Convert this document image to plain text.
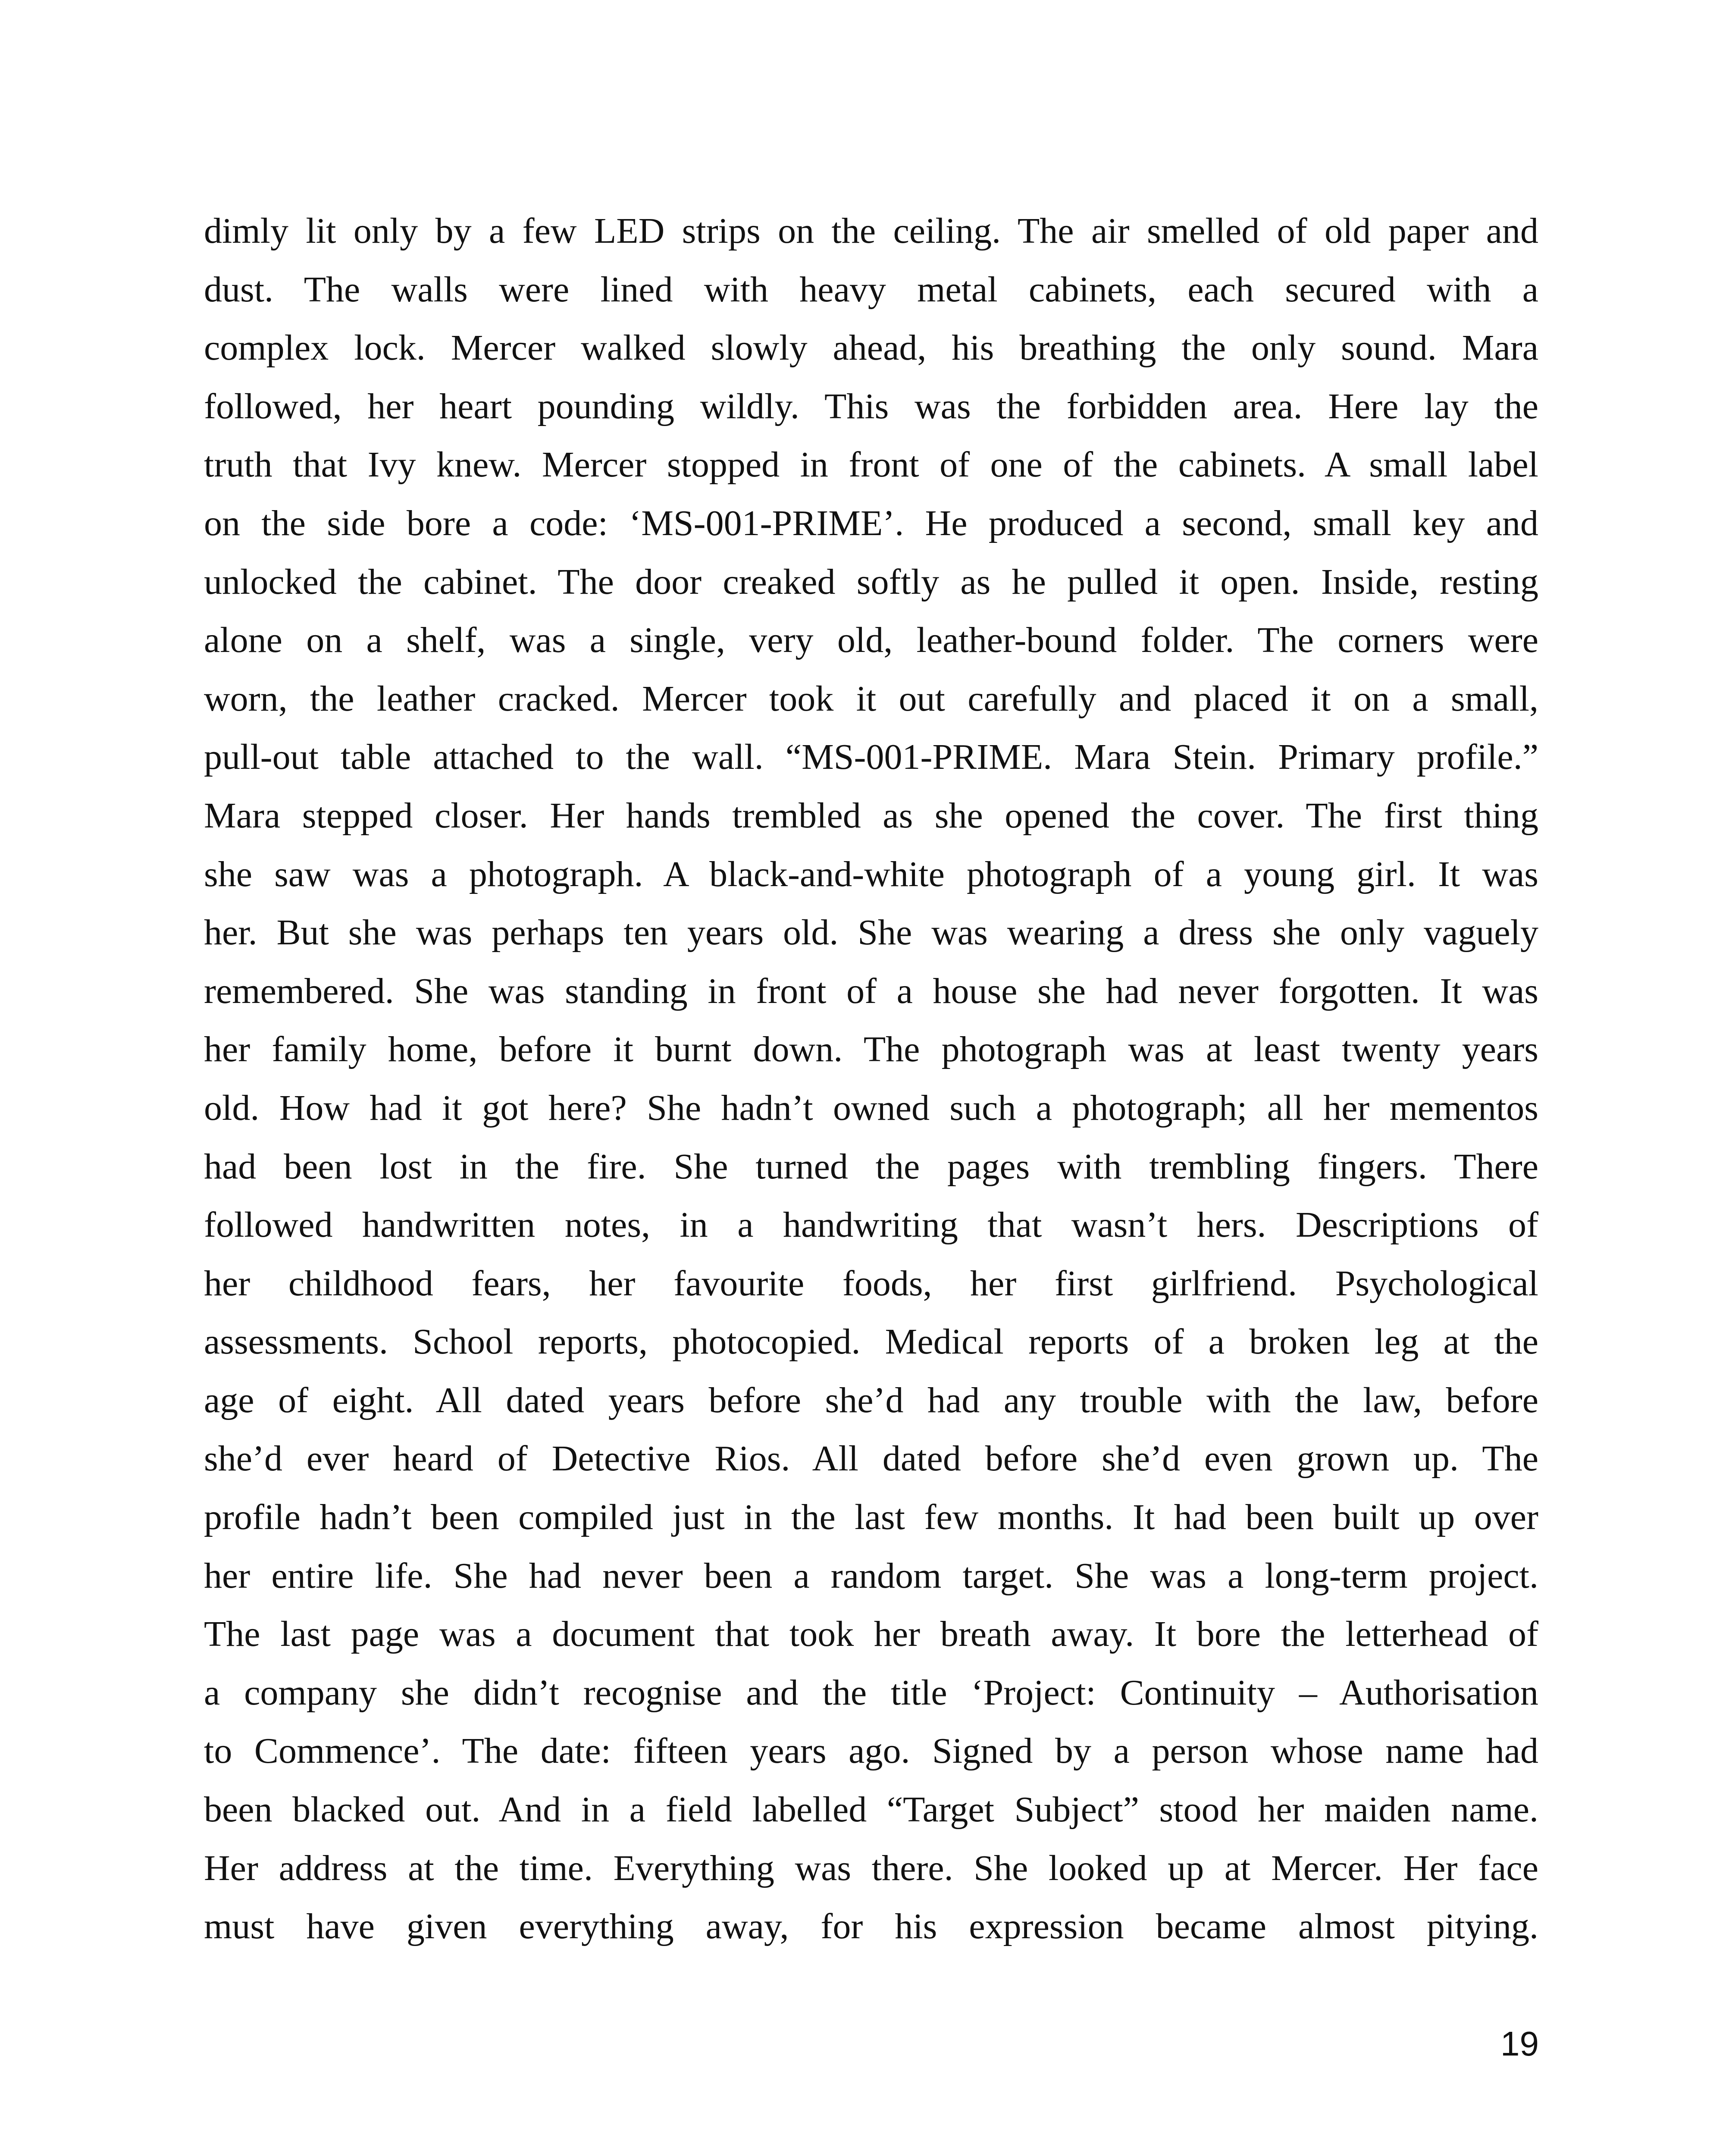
dimly lit only by a few LED strips on the ceiling. The air smelled of old paper and
dust. The walls were lined with heavy metal cabinets, each secured with a
complex lock. Mercer walked slowly ahead, his breathing the only sound. Mara
followed, her heart pounding wildly. This was the forbidden area. Here lay the
truth that Ivy knew. Mercer stopped in front of one of the cabinets. A small label
on the side bore a code: ‘MS-001-PRIME’. He produced a second, small key and
unlocked the cabinet. The door creaked softly as he pulled it open. Inside, resting
alone on a shelf, was a single, very old, leather-bound folder. The corners were
worn, the leather cracked. Mercer took it out carefully and placed it on a small,
pull-out table attached to the wall. “MS-001-PRIME. Mara Stein. Primary profile.”
Mara stepped closer. Her hands trembled as she opened the cover. The first thing
she saw was a photograph. A black-and-white photograph of a young girl. It was
her. But she was perhaps ten years old. She was wearing a dress she only vaguely
remembered. She was standing in front of a house she had never forgotten. It was
her family home, before it burnt down. The photograph was at least twenty years
old. How had it got here? She hadn’t owned such a photograph; all her mementos
had been lost in the fire. She turned the pages with trembling fingers. There
followed handwritten notes, in a handwriting that wasn’t hers. Descriptions of
her childhood fears, her favourite foods, her first girlfriend. Psychological
assessments. School reports, photocopied. Medical reports of a broken leg at the
age of eight. All dated years before she’d had any trouble with the law, before
she’d ever heard of Detective Rios. All dated before she’d even grown up. The
profile hadn’t been compiled just in the last few months. It had been built up over
her entire life. She had never been a random target. She was a long-term project.
The last page was a document that took her breath away. It bore the letterhead of
a company she didn’t recognise and the title ‘Project: Continuity – Authorisation
to Commence’. The date: fifteen years ago. Signed by a person whose name had
been blacked out. And in a field labelled “Target Subject” stood her maiden name.
Her address at the time. Everything was there. She looked up at Mercer. Her face
must have given everything away, for his expression became almost pitying.
19
